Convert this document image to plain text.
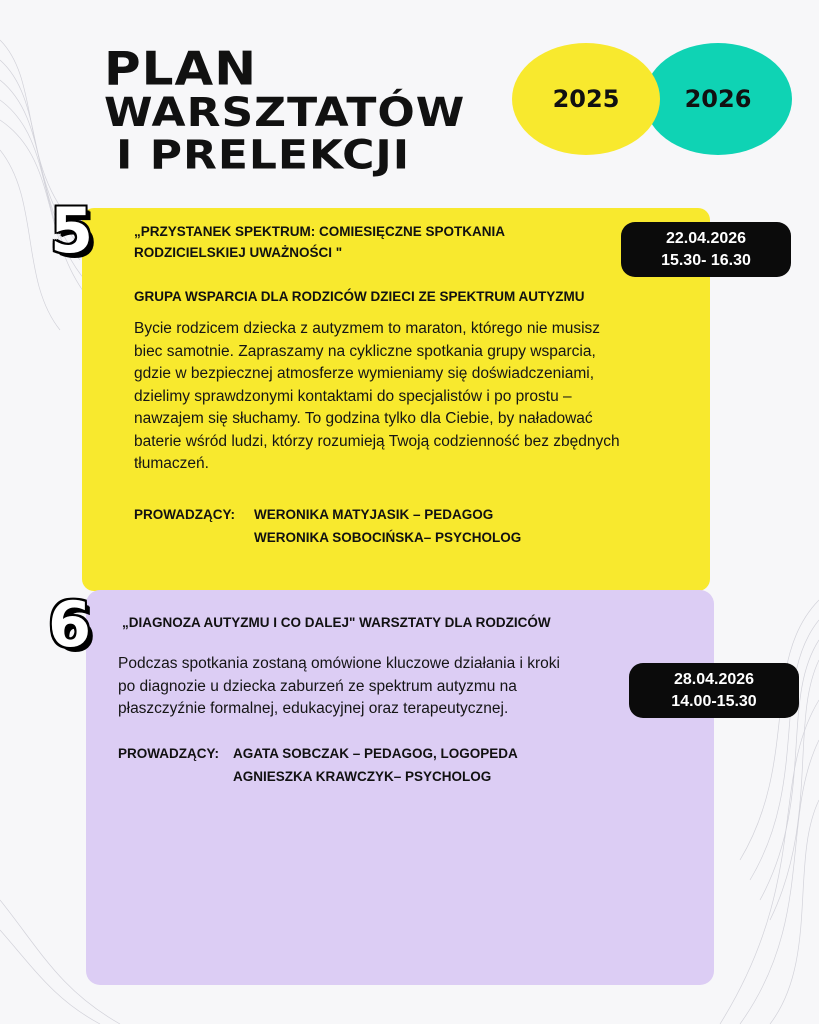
PLAN
WARSZTATÓW
I PRELEKCJI
2026
2025
5	„PRZYSTANEK SPEKTRUM: COMIESIĘCZNE SPOTKANIA
RODZICIELSKIEJ UWAŻNOŚCI "
22.04.2026
15.30- 16.30
GRUPA WSPARCIA DLA RODZICÓW DZIECI ZE SPEKTRUM AUTYZMU
Bycie rodzicem dziecka z autyzmem to maraton, którego nie musisz
biec samotnie. Zapraszamy na cykliczne spotkania grupy wsparcia,
gdzie w bezpiecznej atmosferze wymieniamy się doświadczeniami,
dzielimy sprawdzonymi kontaktami do specjalistów i po prostu –
nawzajem się słuchamy. To godzina tylko dla Ciebie, by naładować
baterie wśród ludzi, którzy rozumieją Twoją codzienność bez zbędnych
tłumaczeń.
PROWADZĄCY:	WERONIKA MATYJASIK – PEDAGOG
WERONIKA SOBOCIŃSKA– PSYCHOLOG
6 „DIAGNOZA AUTYZMU I CO DALEJ" WARSZTATY DLA RODZICÓW
Podczas spotkania zostaną omówione kluczowe działania i kroki
po diagnozie u dziecka zaburzeń ze spektrum autyzmu na
płaszczyźnie formalnej, edukacyjnej oraz terapeutycznej.
28.04.2026
14.00-15.30
PROWADZĄCY:	AGATA SOBCZAK – PEDAGOG, LOGOPEDA
AGNIESZKA KRAWCZYK– PSYCHOLOG
